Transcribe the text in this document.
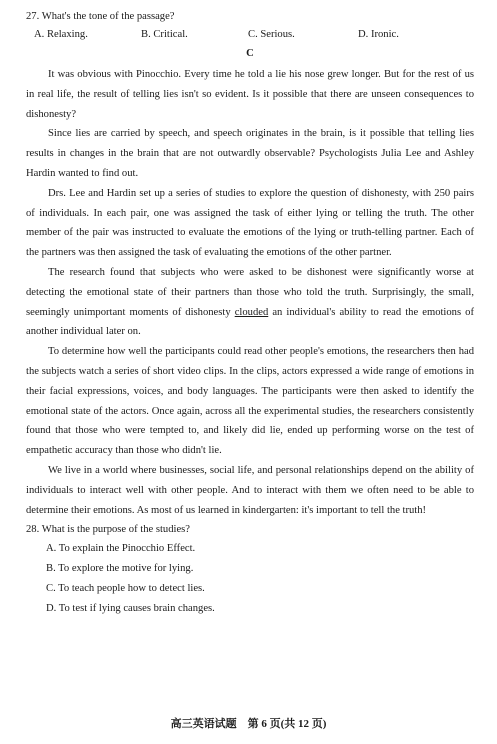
27. What's the tone of the passage?

A. Relaxing.	B. Critical.	C. Serious.	D. Ironic.
C

It was obvious with Pinocchio. Every time he told a lie his nose grew longer. But for the rest of us in real life, the result of telling lies isn't so evident. Is it possible that there are unseen consequences to dishonesty?

Since lies are carried by speech, and speech originates in the brain, is it possible that telling lies results in changes in the brain that are not outwardly observable? Psychologists Julia Lee and Ashley Hardin wanted to find out.

Drs. Lee and Hardin set up a series of studies to explore the question of dishonesty, with 250 pairs of individuals. In each pair, one was assigned the task of either lying or telling the truth. The other member of the pair was instructed to evaluate the emotions of the lying or truth-telling partner. Each of the partners was then assigned the task of evaluating the emotions of the other partner.

The research found that subjects who were asked to be dishonest were significantly worse at detecting the emotional state of their partners than those who told the truth. Surprisingly, the small, seemingly unimportant moments of dishonesty clouded an individual's ability to read the emotions of another individual later on.

To determine how well the participants could read other people's emotions, the researchers then had the subjects watch a series of short video clips. In the clips, actors expressed a wide range of emotions in their facial expressions, voices, and body languages. The participants were then asked to identify the emotional state of the actors. Once again, across all the experimental studies, the researchers consistently found that those who were tempted to, and likely did lie, ended up performing worse on the test of empathetic accuracy than those who didn't lie.

We live in a world where businesses, social life, and personal relationships depend on the ability of individuals to interact well with other people. And to interact with them we often need to be able to determine their emotions. As most of us learned in kindergarten: it's important to tell the truth!

28. What is the purpose of the studies?

A. To explain the Pinocchio Effect.
B. To explore the motive for lying.
C. To teach people how to detect lies.
D. To test if lying causes brain changes.
高三英语试题　第 6 页(共 12 页)
